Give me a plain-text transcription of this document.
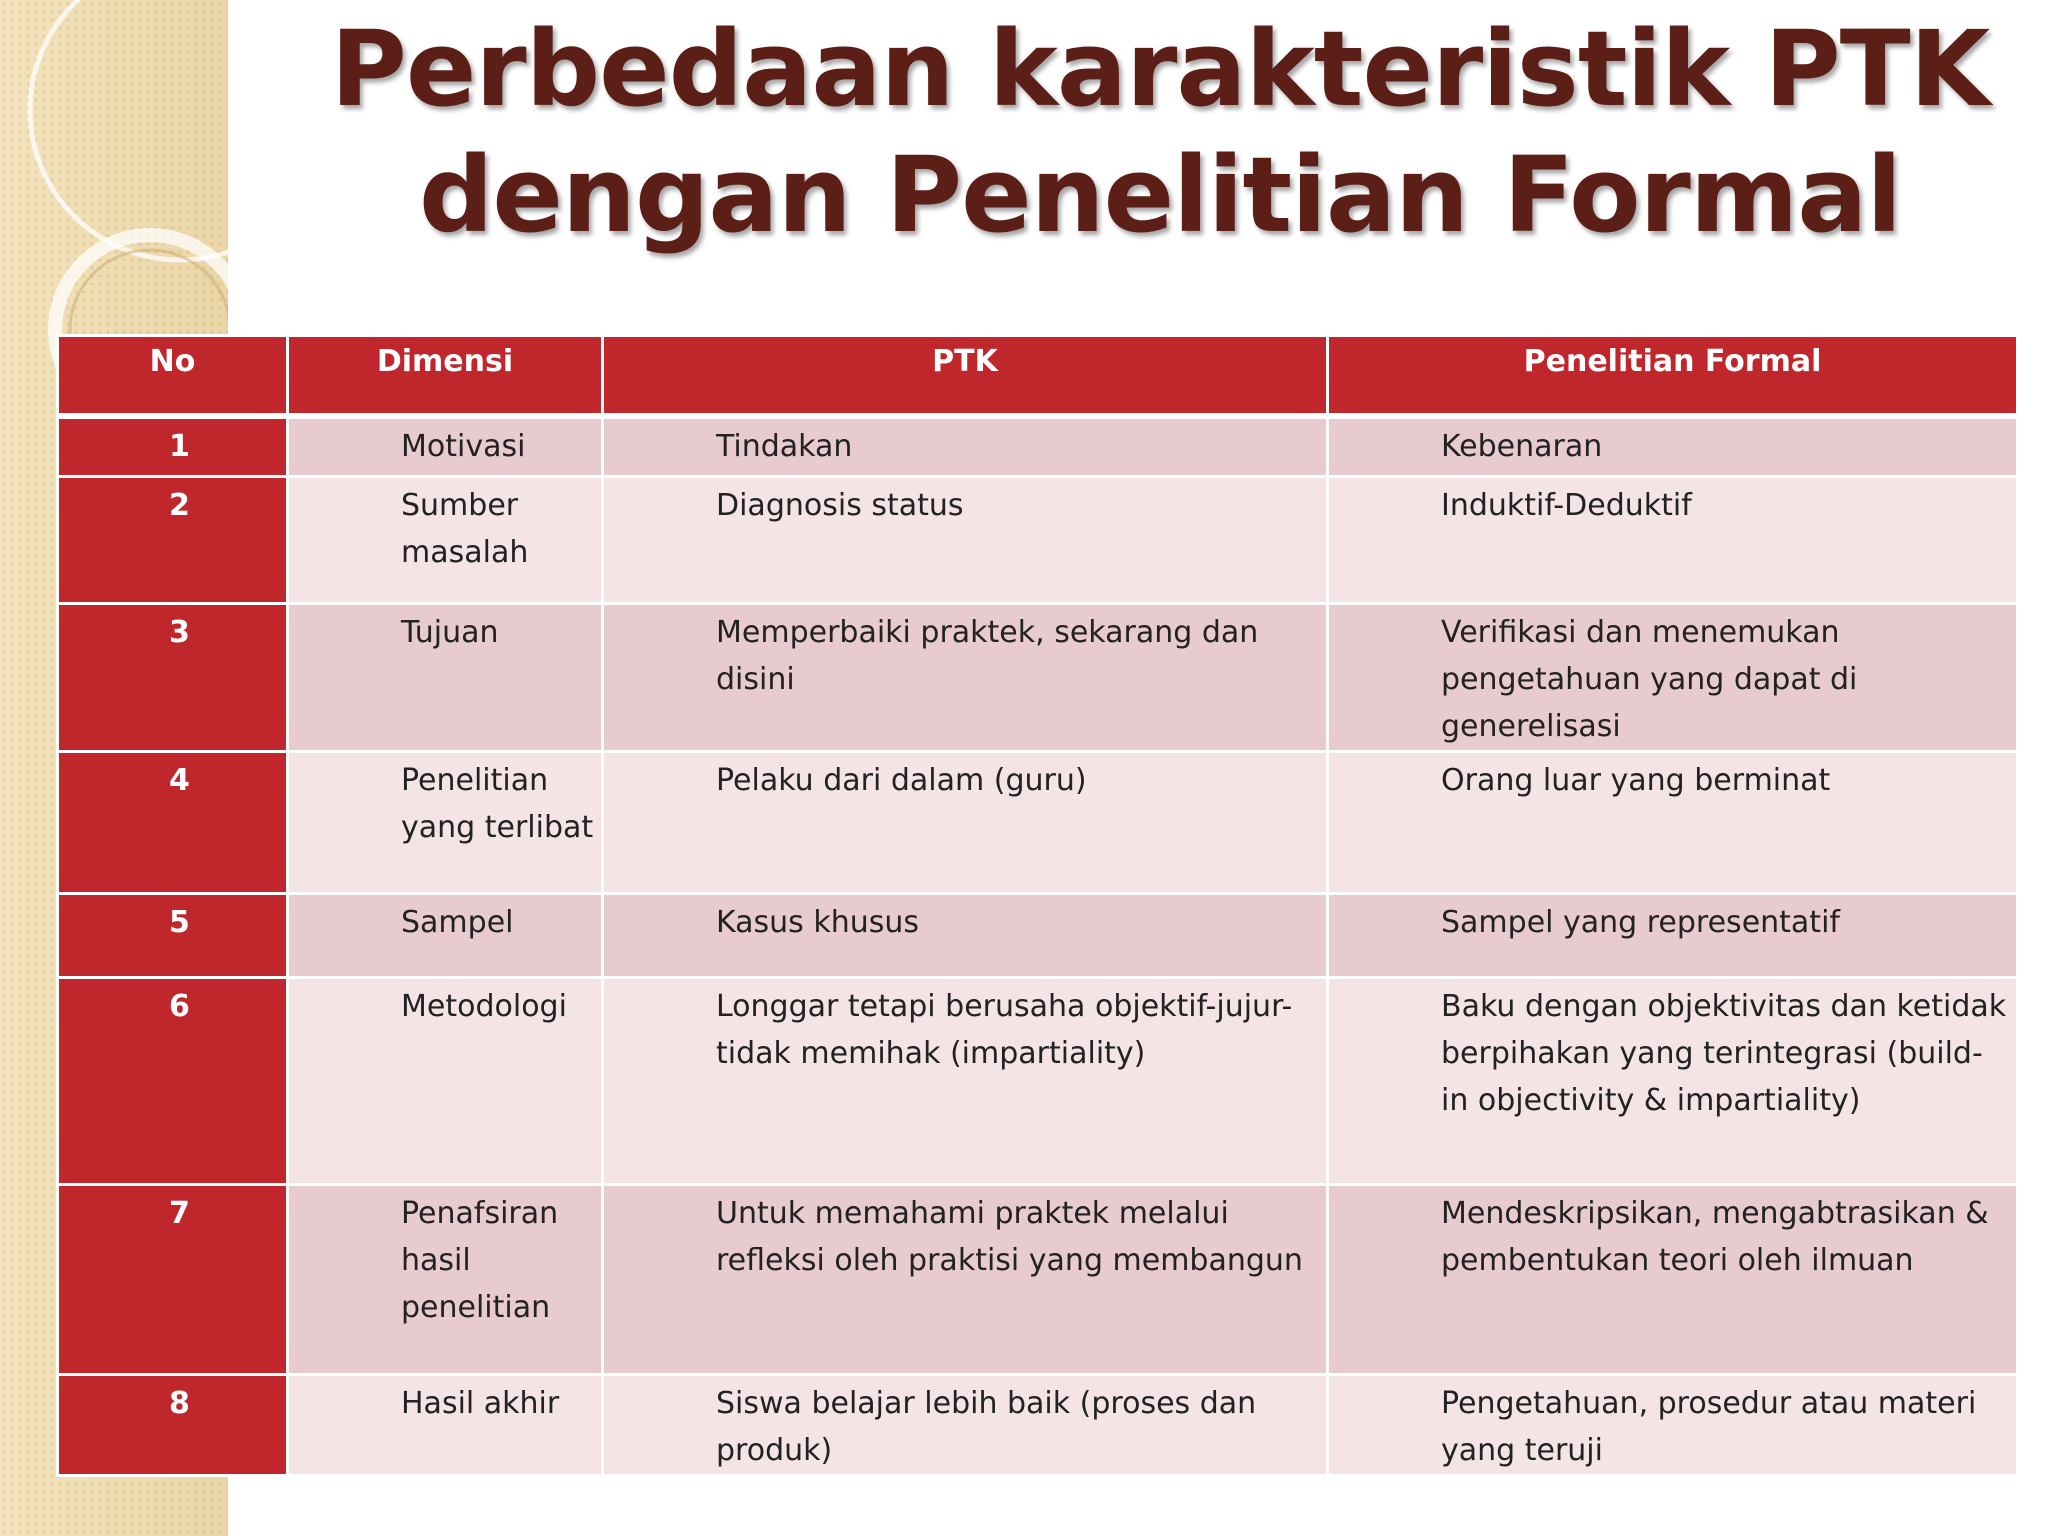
Perbedaan karakteristik PTK
dengan Penelitian Formal
No	Dimensi	PTK	Penelitian Formal
1	Motivasi	Tindakan	Kebenaran
2	Sumber masalah	Diagnosis status	Induktif-Deduktif
3	Tujuan	Memperbaiki praktek, sekarang dan disini	Verifikasi dan menemukan pengetahuan yang dapat di generelisasi
4	Penelitian yang terlibat	Pelaku dari dalam (guru)	Orang luar yang berminat
5	Sampel	Kasus khusus	Sampel yang representatif
6	Metodologi	Longgar tetapi berusaha objektif-jujur-tidak memihak (impartiality)	Baku dengan objektivitas dan ketidak berpihakan yang terintegrasi (build-in objectivity & impartiality)
7	Penafsiran hasil penelitian	Untuk memahami praktek melalui refleksi oleh praktisi yang membangun	Mendeskripsikan, mengabtrasikan & pembentukan teori oleh ilmuan
8	Hasil akhir	Siswa belajar lebih baik (proses dan produk)	Pengetahuan, prosedur atau materi yang teruji
